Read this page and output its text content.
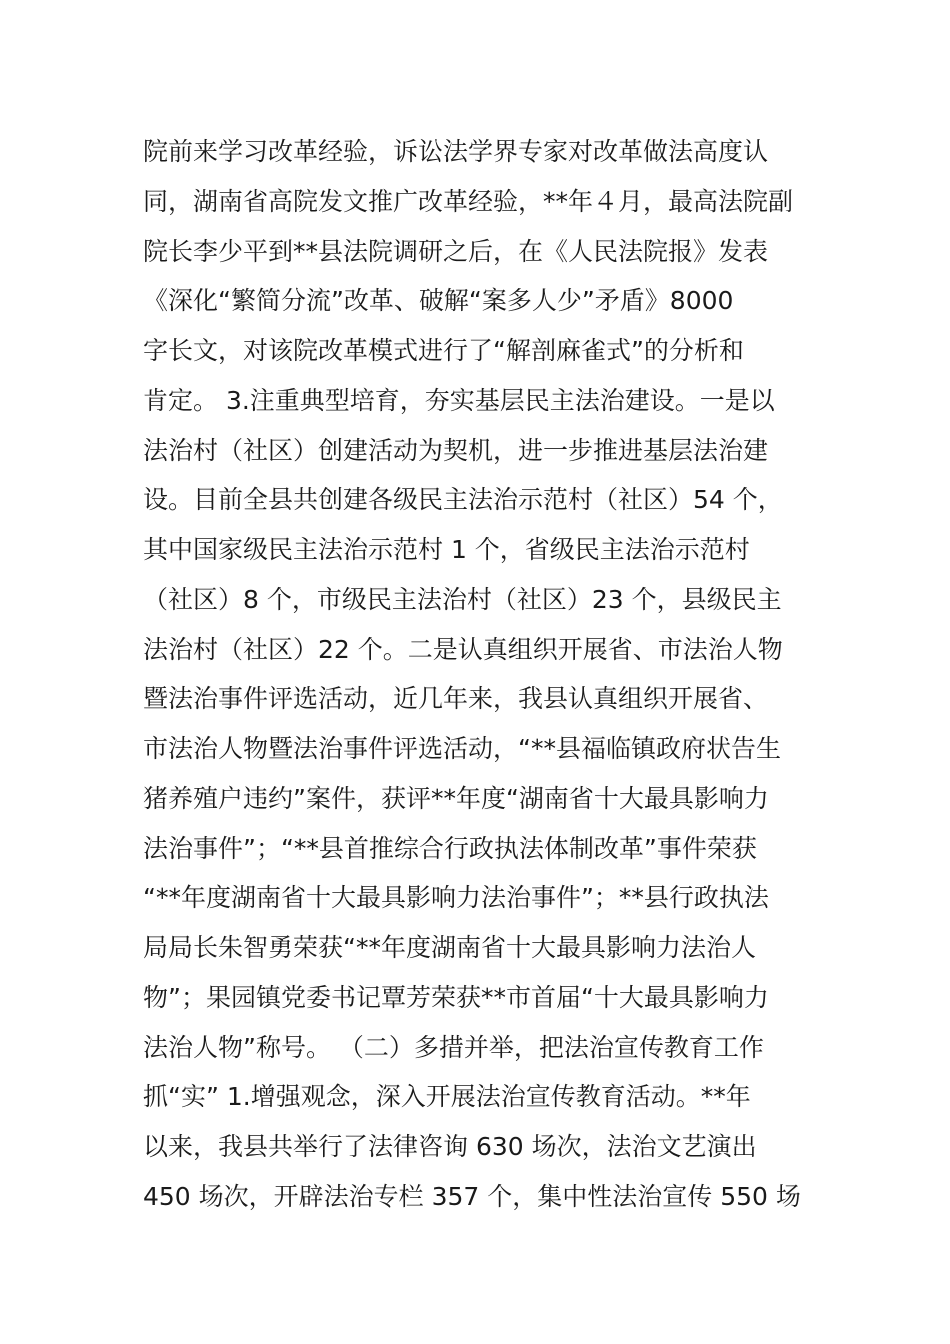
院前来学习改革经验，诉讼法学界专家对改革做法高度认
同，湖南省高院发文推广改革经验，**年４月，最高法院副
院长李少平到**县法院调研之后，在《人民法院报》发表
《深化“繁简分流”改革、破解“案多人少”矛盾》8000
字长文，对该院改革模式进行了“解剖麻雀式”的分析和
肯定。 3.注重典型培育，夯实基层民主法治建设。一是以
法治村（社区）创建活动为契机，进一步推进基层法治建
设。目前全县共创建各级民主法治示范村（社区）54 个，
其中国家级民主法治示范村 1 个，省级民主法治示范村
（社区）8 个，市级民主法治村（社区）23 个，县级民主
法治村（社区）22 个。二是认真组织开展省、市法治人物
暨法治事件评选活动，近几年来，我县认真组织开展省、
市法治人物暨法治事件评选活动，“**县福临镇政府状告生
猪养殖户违约”案件，获评**年度“湖南省十大最具影响力
法治事件”；“**县首推综合行政执法体制改革”事件荣获
“**年度湖南省十大最具影响力法治事件”；**县行政执法
局局长朱智勇荣获“**年度湖南省十大最具影响力法治人
物”；果园镇党委书记覃芳荣获**市首届“十大最具影响力
法治人物”称号。 （二）多措并举，把法治宣传教育工作
抓“实” 1.增强观念，深入开展法治宣传教育活动。**年
以来，我县共举行了法律咨询 630 场次，法治文艺演出
450 场次，开辟法治专栏 357 个，集中性法治宣传 550 场
